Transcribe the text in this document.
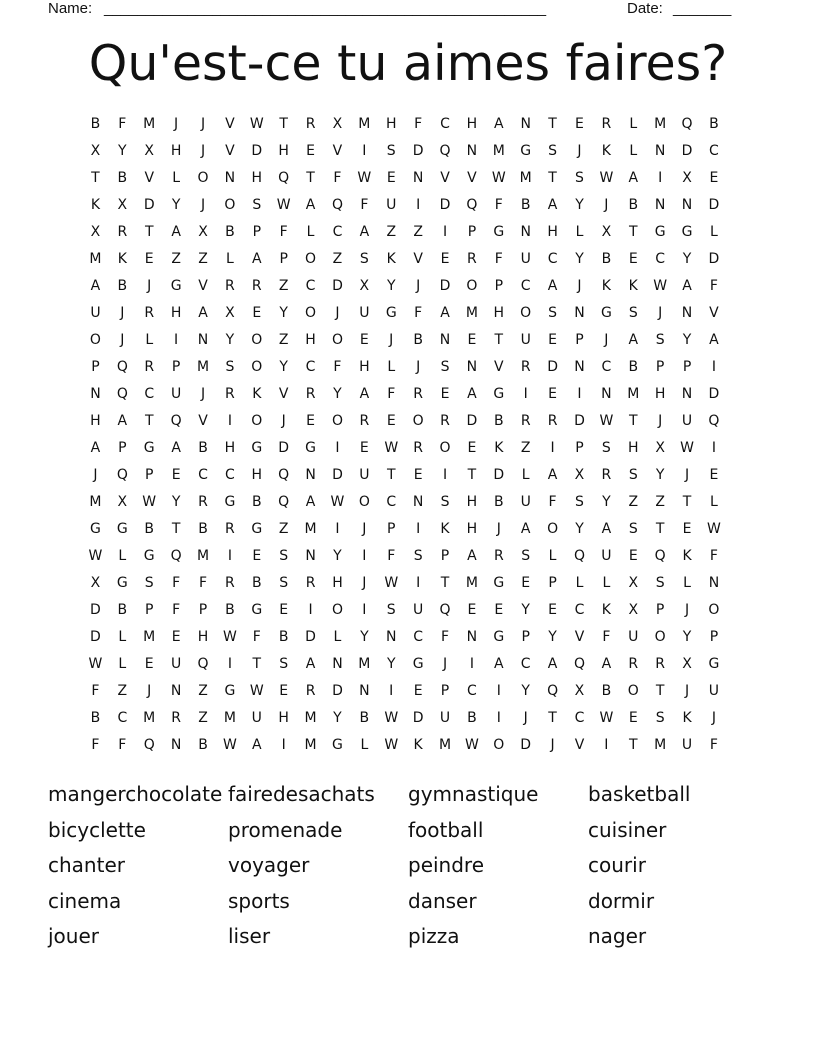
Name: _____________________________________________________	Date: _______
Qu'est-ce tu aimes faires?
B	F	M	J	J	V	W	T	R	X	M	H	F	C	H	A	N	T	E	R	L	M	Q	B
X	Y	X	H	J	V	D	H	E	V	I	S	D	Q	N	M	G	S	J	K	L	N	D	C
T	B	V	L	O	N	H	Q	T	F	W	E	N	V	V	W M	T	S	W	A	I	X	E
K	X	D	Y	J	O	S	W	A	Q	F	U	I	D	Q	F	B	A	Y	J	B	N	N	D
X	R	T	A	X	B	P	F	L	C	A	Z	Z	I	P	G	N	H	L	X	T	G	G	L
M	K	E	Z	Z	L	A	P	O	Z	S	K	V	E	R	F	U	C	Y	B	E	C	Y	D
A	B	J	G	V	R	R	Z	C	D	X	Y	J	D	O	P	C	A	J	K	K	W	A	F
U	J	R	H	A	X	E	Y	O	J	U	G	F	A	M	H	O	S	N	G	S	J	N	V
O	J	L	I	N	Y	O	Z	H	O	E	J	B	N	E	T	U	E	P	J	A	S	Y	A
P	Q	R	P	M	S	O	Y	C	F	H	L	J	S	N	V	R	D	N	C	B	P	P	I
N	Q	C	U	J	R	K	V	R	Y	A	F	R	E	A	G	I	E	I	N	M	H	N	D
H	A	T	Q	V	I	O	J	E	O	R	E	O	R	D	B	R	R	D	W	T	J	U	Q
A	P	G	A	B	H	G	D	G	I	E	W	R	O	E	K	Z	I	P	S	H	X	W	I
J	Q	P	E	C	C	H	Q	N	D	U	T	E	I	T	D	L	A	X	R	S	Y	J	E
M	X	W	Y	R	G	B	Q	A	W	O	C	N	S	H	B	U	F	S	Y	Z	Z	T	L
G	G	B	T	B	R	G	Z	M	I	J	P	I	K	H	J	A	O	Y	A	S	T	E	W
W	L	G	Q	M	I	E	S	N	Y	I	F	S	P	A	R	S	L	Q	U	E	Q	K	F
X	G	S	F	F	R	B	S	R	H	J	W	I	T	M	G	E	P	L	L	X	S	L	N
D	B	P	F	P	B	G	E	I	O	I	S	U	Q	E	E	Y	E	C	K	X	P	J	O
D	L	M	E	H	W	F	B	D	L	Y	N	C	F	N	G	P	Y	V	F	U	O	Y	P
W	L	E	U	Q	I	T	S	A	N	M	Y	G	J	I	A	C	A	Q	A	R	R	X	G
F	Z	J	N	Z	G	W	E	R	D	N	I	E	P	C	I	Y	Q	X	B	O	T	J	U
B	C	M	R	Z	M	U	H	M	Y	B	W	D	U	B	I	J	T	C	W	E	S	K	J
F	F	Q	N	B	W	A	I	M	G	L	W	K	M W	O	D	J	V	I	T	M	U	F
mangerchocolate fairedesachats	gymnastique	basketball
bicyclette	promenade	football	cuisiner
chanter	voyager	peindre	courir
cinema	sports	danser	dormir
jouer	liser	pizza	nager
